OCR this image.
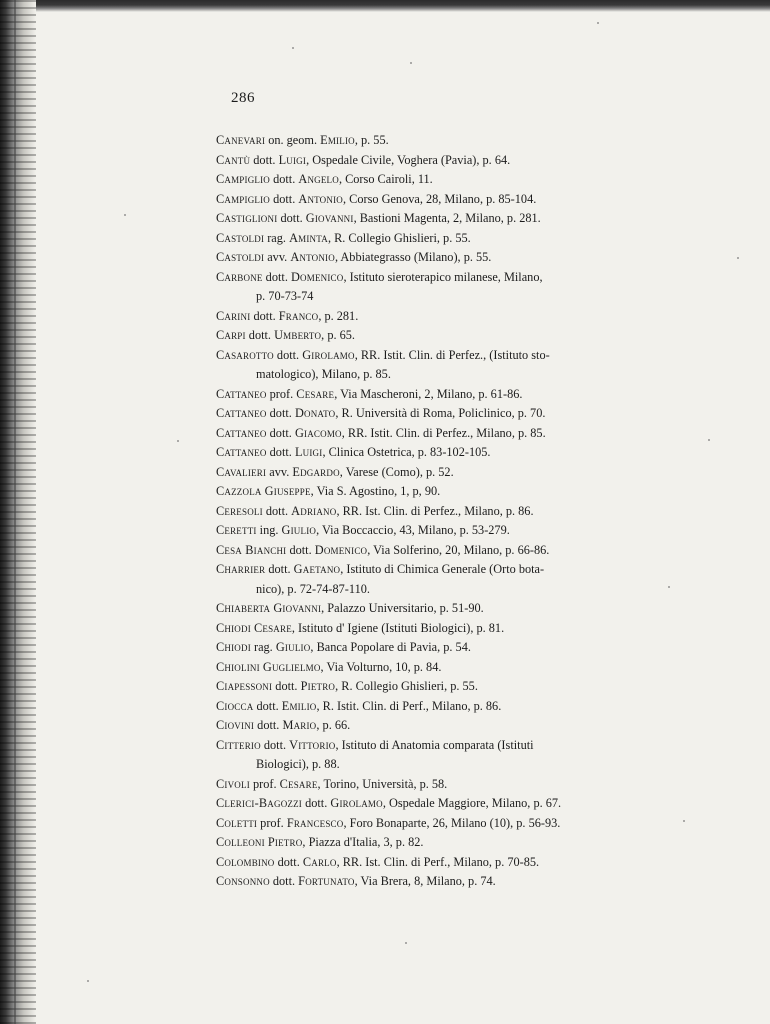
286

Canevari on. geom. Emilio, p. 55.

Cantù dott. Luigi, Ospedale Civile, Voghera (Pavia), p. 64.

Campiglio dott. Angelo, Corso Cairoli, 11.

Campiglio dott. Antonio, Corso Genova, 28, Milano, p. 85-104.

Castiglioni dott. Giovanni, Bastioni Magenta, 2, Milano, p. 281.

Castoldi rag. Aminta, R. Collegio Ghislieri, p. 55.

Castoldi avv. Antonio, Abbiategrasso (Milano), p. 55.

Carbone dott. Domenico, Istituto sieroterapico milanese, Milano,
p. 70-73-74

Carini dott. Franco, p. 281.

Carpi dott. Umberto, p. 65.

Casarotto dott. Girolamo, RR. Istit. Clin. di Perfez., (Istituto sto-
matologico), Milano, p. 85.

Cattaneo prof. Cesare, Via Mascheroni, 2, Milano, p. 61-86.

Cattaneo dott. Donato, R. Università di Roma, Policlinico, p. 70.

Cattaneo dott. Giacomo, RR. Istit. Clin. di Perfez., Milano, p. 85.

Cattaneo dott. Luigi, Clinica Ostetrica, p. 83-102-105.

Cavalieri avv. Edgardo, Varese (Como), p. 52.

Cazzola Giuseppe, Via S. Agostino, 1, p, 90.

Ceresoli dott. Adriano, RR. Ist. Clin. di Perfez., Milano, p. 86.

Ceretti ing. Giulio, Via Boccaccio, 43, Milano, p. 53-279.

Cesa Bianchi dott. Domenico, Via Solferino, 20, Milano, p. 66-86.

Charrier dott. Gaetano, Istituto di Chimica Generale (Orto bota-
nico), p. 72-74-87-110.

Chiaberta Giovanni, Palazzo Universitario, p. 51-90.

Chiodi Cesare, Istituto d' Igiene (Istituti Biologici), p. 81.

Chiodi rag. Giulio, Banca Popolare di Pavia, p. 54.

Chiolini Guglielmo, Via Volturno, 10, p. 84.

Ciapessoni dott. Pietro, R. Collegio Ghislieri, p. 55.

Ciocca dott. Emilio, R. Istit. Clin. di Perf., Milano, p. 86.

Ciovini dott. Mario, p. 66.

Citterio dott. Vittorio, Istituto di Anatomia comparata (Istituti
Biologici), p. 88.

Civoli prof. Cesare, Torino, Università, p. 58.

Clerici-Bagozzi dott. Girolamo, Ospedale Maggiore, Milano, p. 67.

Coletti prof. Francesco, Foro Bonaparte, 26, Milano (10), p. 56-93.

Colleoni Pietro, Piazza d'Italia, 3, p. 82.

Colombino dott. Carlo, RR. Ist. Clin. di Perf., Milano, p. 70-85.

Consonno dott. Fortunato, Via Brera, 8, Milano, p. 74.
